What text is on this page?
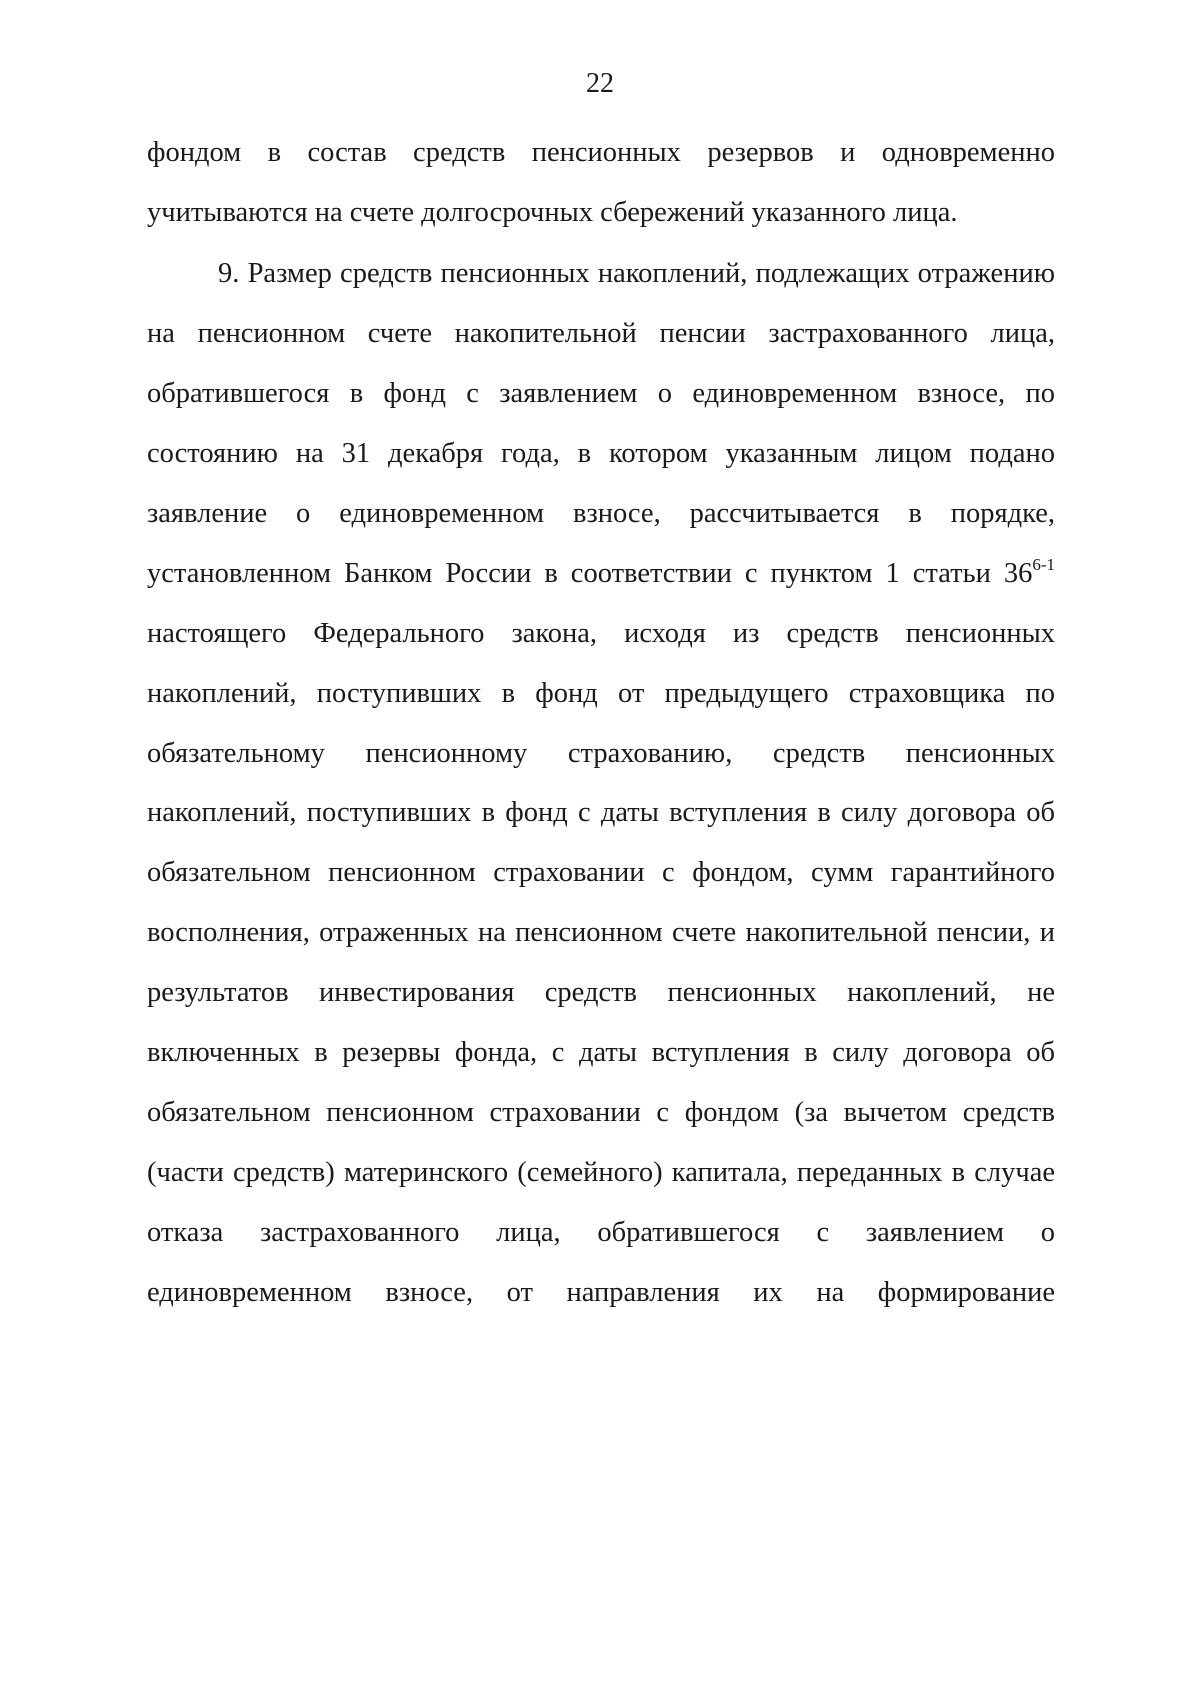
22
фондом в состав средств пенсионных резервов и одновременно
учитываются на счете долгосрочных сбережений указанного лица.
9. Размер средств пенсионных накоплений, подлежащих отражению
на пенсионном счете накопительной пенсии застрахованного лица,
обратившегося в фонд с заявлением о единовременном взносе, по
состоянию на 31 декабря года, в котором указанным лицом подано
заявление о единовременном взносе, рассчитывается в порядке,
установленном Банком России в соответствии с пунктом 1 статьи 36$^{6-1}$
настоящего Федерального закона, исходя из средств пенсионных
накоплений, поступивших в фонд от предыдущего страховщика по
обязательному пенсионному страхованию, средств пенсионных
накоплений, поступивших в фонд с даты вступления в силу договора об
обязательном пенсионном страховании с фондом, сумм гарантийного
восполнения, отраженных на пенсионном счете накопительной пенсии, и
результатов инвестирования средств пенсионных накоплений, не
включенных в резервы фонда, с даты вступления в силу договора об
обязательном пенсионном страховании с фондом (за вычетом средств
(части средств) материнского (семейного) капитала, переданных в случае
отказа застрахованного лица, обратившегося с заявлением о
единовременном взносе, от направления их на формирование
